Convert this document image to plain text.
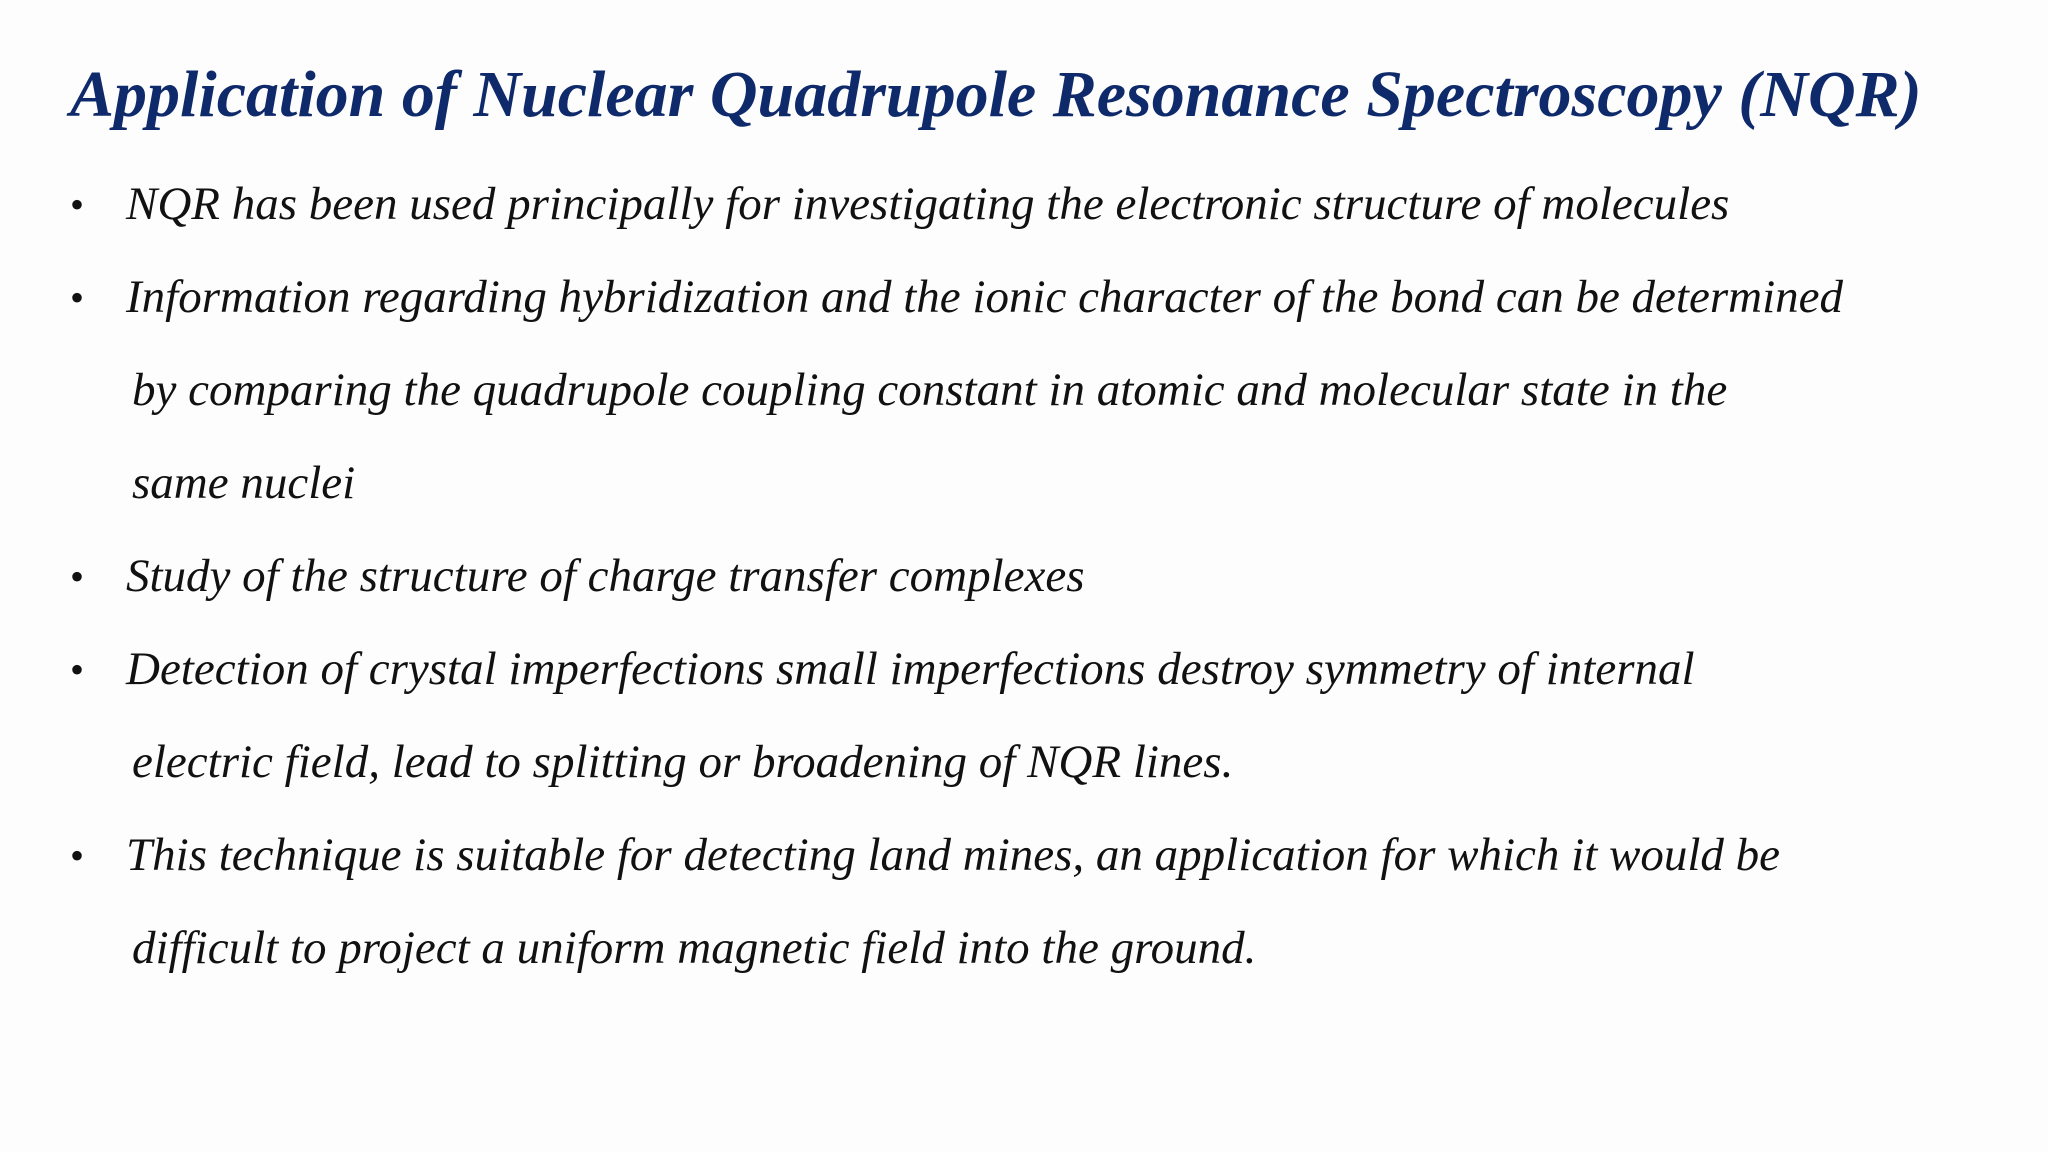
Application of Nuclear Quadrupole Resonance Spectroscopy (NQR)
• NQR has been used principally for investigating the electronic structure of molecules
• Information regarding hybridization and the ionic character of the bond can be determined
by comparing the quadrupole coupling constant in atomic and molecular state in the
same nuclei
• Study of the structure of charge transfer complexes
• Detection of crystal imperfections small imperfections destroy symmetry of internal
electric field, lead to splitting or broadening of NQR lines.
• This technique is suitable for detecting land mines, an application for which it would be
difficult to project a uniform magnetic field into the ground.
